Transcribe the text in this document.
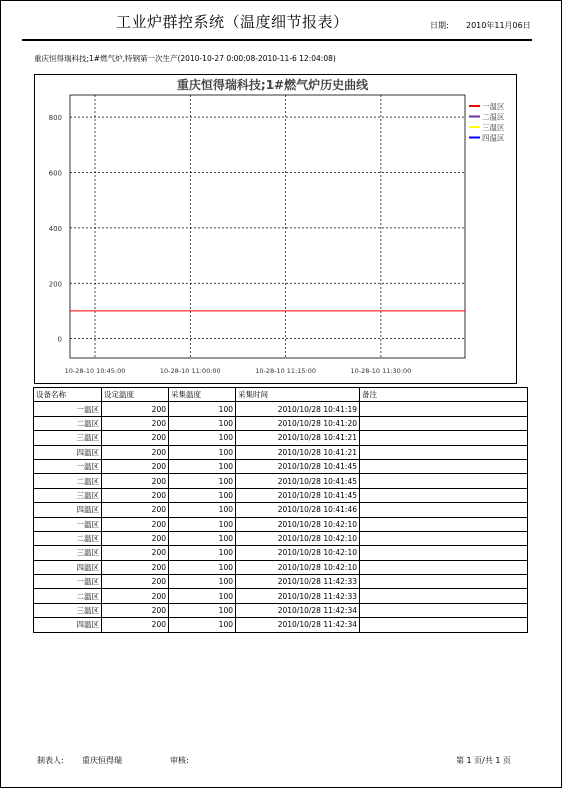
工业炉群控系统（温度细节报表）	日期: 2010年11月06日
重庆恒得瑞科技;1#燃气炉,特钢第一次生产(2010-10-27 0:00:08-2010-11-6 12:04:08)
重庆恒得瑞科技;1#燃气炉历史曲线
0
200
400
600
800
10-28-10 10:45:00	10-28-10 11:00:00	10-28-10 11:15:00	10-28-10 11:30:00
一温区
二温区
三温区
四温区
设备名称	设定温度	采集温度	采集时间	备注
一温区	200	100	2010/10/28 10:41:19	
二温区	200	100	2010/10/28 10:41:20	
三温区	200	100	2010/10/28 10:41:21	
四温区	200	100	2010/10/28 10:41:21	
一温区	200	100	2010/10/28 10:41:45	
二温区	200	100	2010/10/28 10:41:45	
三温区	200	100	2010/10/28 10:41:45	
四温区	200	100	2010/10/28 10:41:46	
一温区	200	100	2010/10/28 10:42:10	
二温区	200	100	2010/10/28 10:42:10	
三温区	200	100	2010/10/28 10:42:10	
四温区	200	100	2010/10/28 10:42:10	
一温区	200	100	2010/10/28 11:42:33	
二温区	200	100	2010/10/28 11:42:33	
三温区	200	100	2010/10/28 11:42:34	
四温区	200	100	2010/10/28 11:42:34	
制表人: 重庆恒得瑞	审核:	第 1 页/共 1 页
